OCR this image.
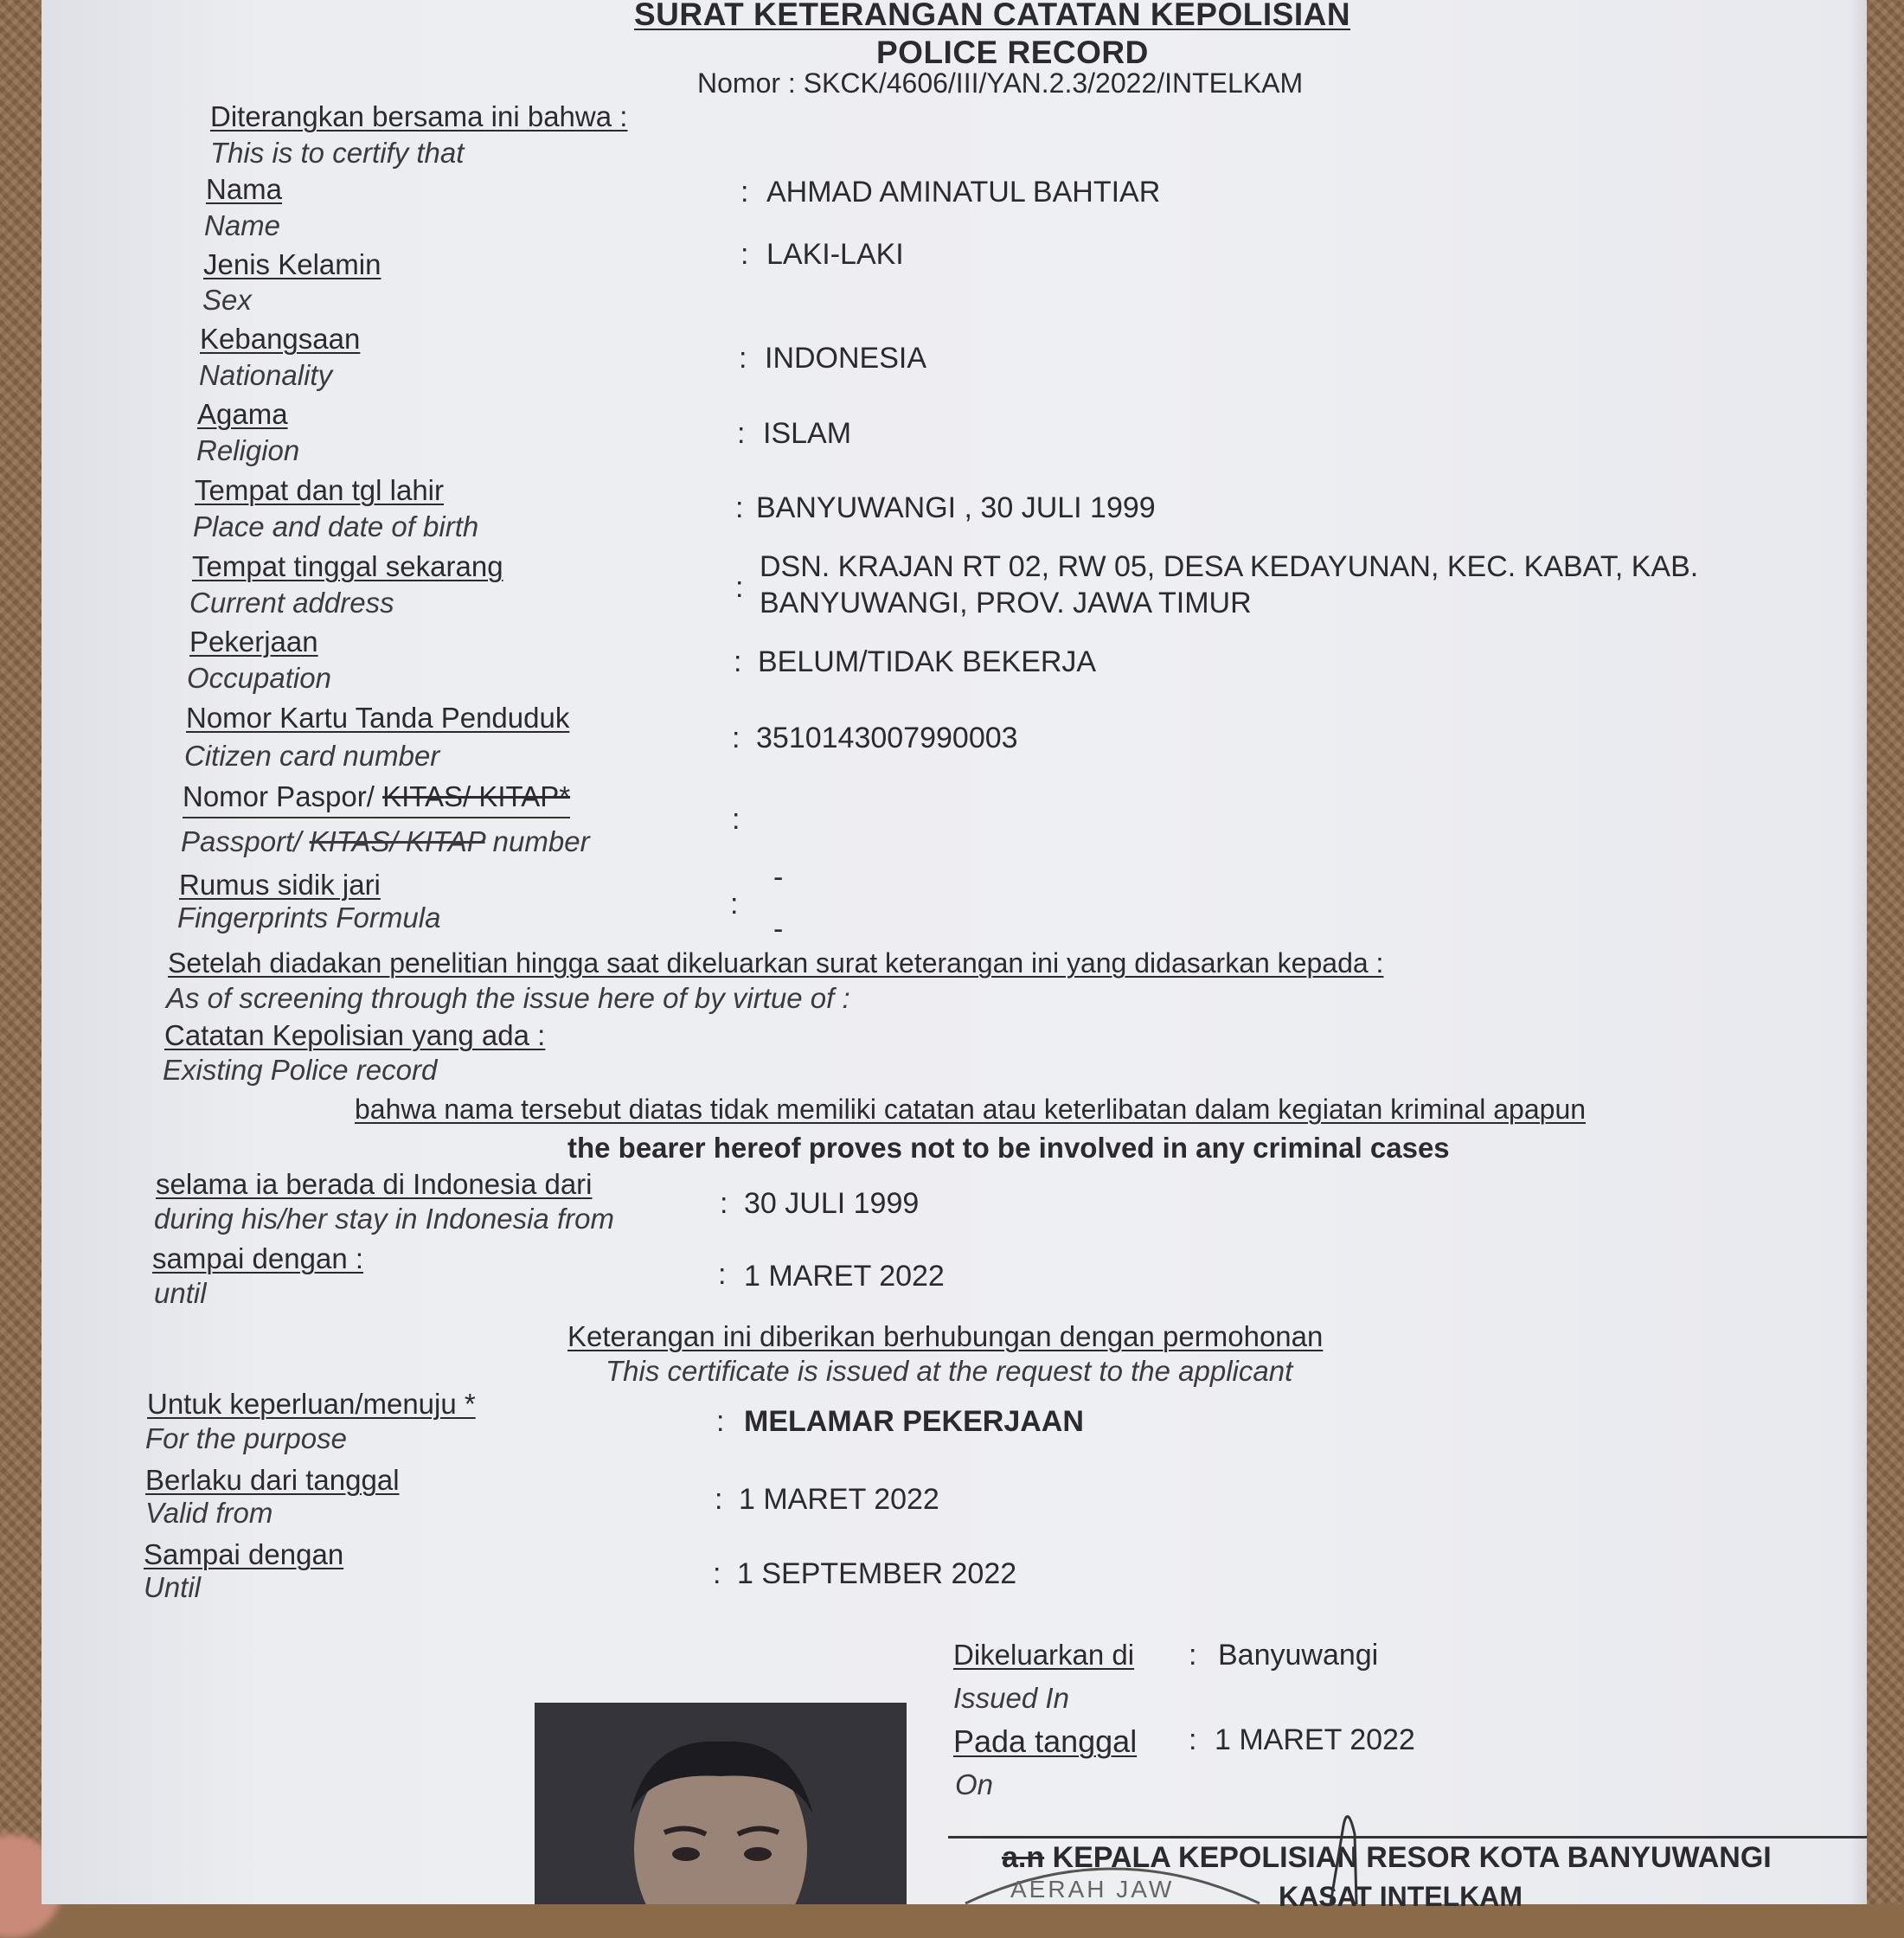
SURAT KETERANGAN CATATAN KEPOLISIAN
POLICE RECORD
Nomor : SKCK/4606/III/YAN.2.3/2022/INTELKAM
Diterangkan bersama ini bahwa :
This is to certify that
Nama
Name
: AHMAD AMINATUL BAHTIAR
Jenis Kelamin
Sex
: LAKI-LAKI
Kebangsaan
Nationality
: INDONESIA
Agama
Religion
: ISLAM
Tempat dan tgl lahir
Place and date of birth
: BANYUWANGI , 30 JULI 1999
Tempat tinggal sekarang
Current address	:
DSN. KRAJAN RT 02, RW 05, DESA KEDAYUNAN, KEC. KABAT, KAB.
BANYUWANGI, PROV. JAWA TIMUR
Pekerjaan
Occupation	: BELUM/TIDAK BEKERJA
Nomor Kartu Tanda Penduduk
Citizen card number
: 3510143007990003
Nomor Paspor/ KITAS/ KITAP*
Passport/ KITAS/ KITAP number
:
Rumus sidik jari
Fingerprints Formula	:
-
-
Setelah diadakan penelitian hingga saat dikeluarkan surat keterangan ini yang didasarkan kepada :
As of screening through the issue here of by virtue of :
Catatan Kepolisian yang ada :
Existing Police record
bahwa nama tersebut diatas tidak memiliki catatan atau keterlibatan dalam kegiatan kriminal apapun
the bearer hereof proves not to be involved in any criminal cases
selama ia berada di Indonesia dari
during his/her stay in Indonesia from	: 30 JULI 1999
sampai dengan :
until
: 1 MARET 2022
Keterangan ini diberikan berhubungan dengan permohonan
This certificate is issued at the request to the applicant
Untuk keperluan/menuju *
For the purpose
: MELAMAR PEKERJAAN
Berlaku dari tanggal
Valid from	: 1 MARET 2022
Sampai dengan
Until	: 1 SEPTEMBER 2022
Dikeluarkan di
Issued In
: Banyuwangi
Pada tanggal
On
: 1 MARET 2022
a.n KEPALA KEPOLISIAN RESOR KOTA BANYUWANGI
KASAT INTELKAM
AERAH JAW
